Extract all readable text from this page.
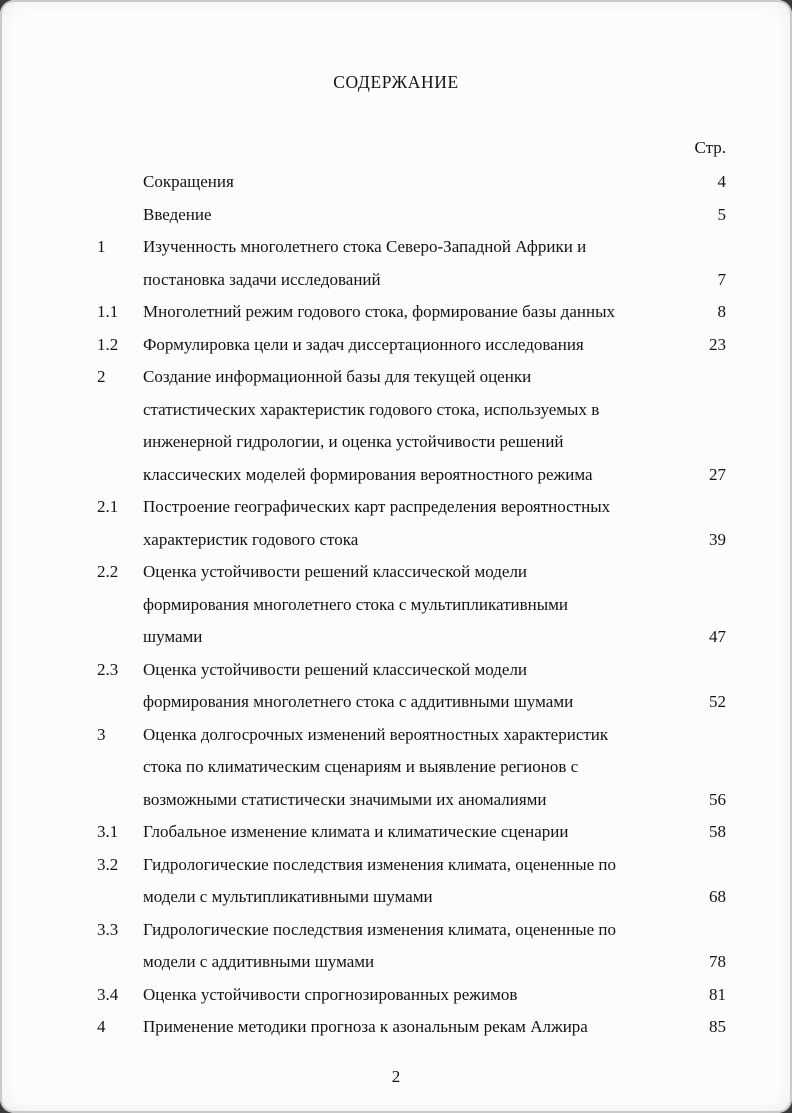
СОДЕРЖАНИЕ
Стр.
Сокращения	4
Введение	5
1	Изученность многолетнего стока Северо-Западной Африки и
постановка задачи исследований	7
1.1	Многолетний режим годового стока, формирование базы данных	8
1.2	Формулировка цели и задач диссертационного исследования	23
2	Создание информационной базы для текущей оценки
статистических характеристик годового стока, используемых в
инженерной гидрологии, и оценка устойчивости решений
классических моделей формирования вероятностного режима	27
2.1	Построение географических карт распределения вероятностных
характеристик годового стока	39
2.2	Оценка устойчивости решений классической модели
формирования многолетнего стока с мультипликативными
шумами	47
2.3	Оценка устойчивости решений классической модели
формирования многолетнего стока с аддитивными шумами	52
3	Оценка долгосрочных изменений вероятностных характеристик
стока по климатическим сценариям и выявление регионов с
возможными статистически значимыми их аномалиями	56
3.1	Глобальное изменение климата и климатические сценарии	58
3.2	Гидрологические последствия изменения климата, оцененные по
модели с мультипликативными шумами	68
3.3	Гидрологические последствия изменения климата, оцененные по
модели с аддитивными шумами	78
3.4	Оценка устойчивости спрогнозированных режимов	81
4	Применение методики прогноза к азональным рекам Алжира	85
2
